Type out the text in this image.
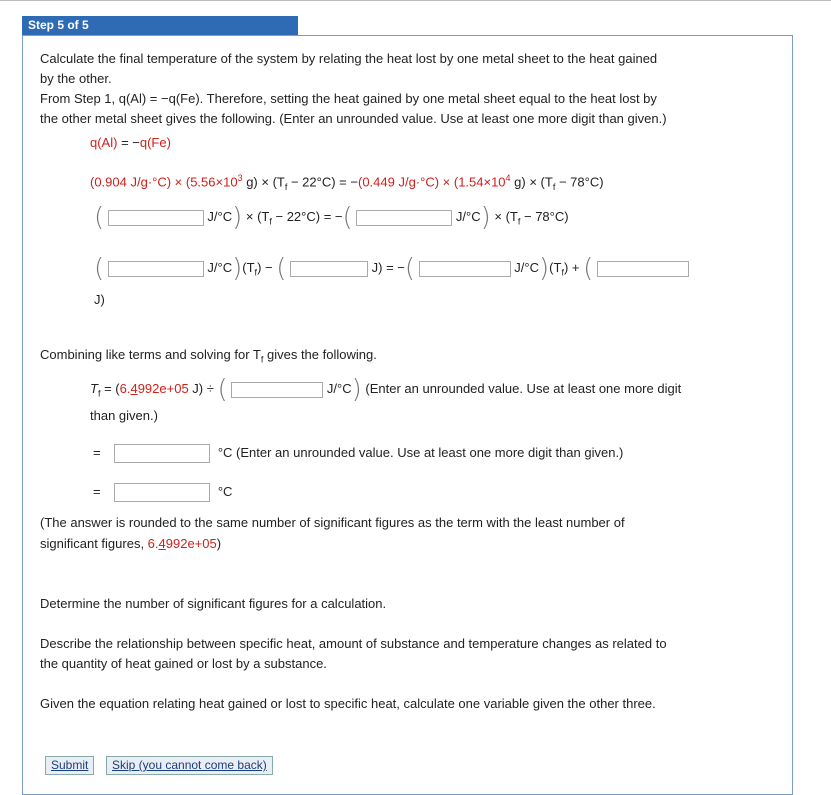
Step 5 of 5
Calculate the final temperature of the system by relating the heat lost by one metal sheet to the heat gained
by the other.
From Step 1, q(Al) = −q(Fe). Therefore, setting the heat gained by one metal sheet equal to the heat lost by
the other metal sheet gives the following. (Enter an unrounded value. Use at least one more digit than given.)
q(Al) = −q(Fe)
(0.904 $J/g\cdot^\circ C) \times (5.56\times 10^3$ $g) \times (T_f - 22^\circ C) = -(0.449$ $J/g\cdot^\circ C) \times (1.54\times 10^4$ $g) \times (T_f - 78^\circ C)$
(	$J/^\circ C) \times (T_f - 22^\circ C)$ = −(	$J/^\circ C) \times (T_f - 78^\circ C)$
(	$J/^\circ C)(T_f)$ − (	J) = −(	$J/^\circ C)(T_f)$ + (
J)
Combining like terms and solving for $T_f$ gives the following.
$T_f = (6.4992e+05$ J) ÷ (	J/°C) (Enter an unrounded value. Use at least one more digit
than given.)
=	°C (Enter an unrounded value. Use at least one more digit than given.)
=	°C
(The answer is rounded to the same number of significant figures as the term with the least number of
significant figures, 6.4992e+05)
Determine the number of significant figures for a calculation.
Describe the relationship between specific heat, amount of substance and temperature changes as related to
the quantity of heat gained or lost by a substance.
Given the equation relating heat gained or lost to specific heat, calculate one variable given the other three.
Submit	Skip (you cannot come back)
